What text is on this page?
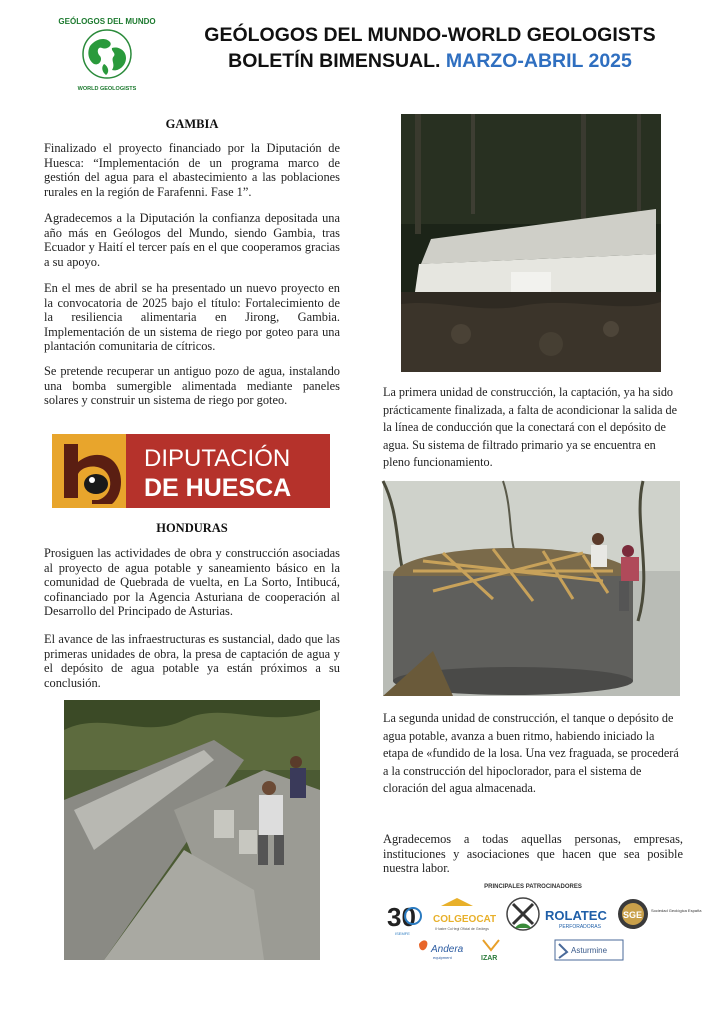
GEÓLOGOS DEL MUNDO
WORLD GEOLOGISTS
GEÓLOGOS DEL MUNDO-WORLD GEOLOGISTS
BOLETÍN BIMENSUAL. MARZO-ABRIL 2025
GAMBIA

Finalizado el proyecto financiado por la Diputación de Huesca: “Implementación de un programa marco de gestión del agua para el abastecimiento a las poblaciones rurales en la región de Farafenni. Fase 1”.

Agradecemos a la Diputación la confianza depositada una año más en Geólogos del Mundo, siendo Gambia, tras Ecuador y Haití el tercer país en el que cooperamos gracias a su apoyo.

En el mes de abril se ha presentado un nuevo proyecto en la convocatoria de 2025 bajo el título: Fortalecimiento de la resiliencia alimentaria en Jirong, Gambia. Implementación de un sistema de riego por goteo para una plantación comunitaria de cítricos.

Se pretende recuperar un antiguo pozo de agua, instalando una bomba sumergible alimentada mediante paneles solares y construir un sistema de riego por goteo.

DIPUTACIÓN
DE HUESCA
HONDURAS

Prosiguen las actividades de obra y construcción asociadas al proyecto de agua potable y saneamiento básico en la comunidad de Quebrada de vuelta, en La Sorto, Intibucá, cofinanciado por la Agencia Asturiana de cooperación al Desarrollo del Principado de Asturias.

El avance de las infraestructuras es sustancial, dado que las primeras unidades de obra, la presa de captación de agua y el depósito de agua potable ya están próximos a su conclusión.

La primera unidad de construcción, la captación, ya ha sido prácticamente finalizada, a falta de acondicionar la salida de la línea de conducción que la conectará con el depósito de agua. Su sistema de filtrado primario ya se encuentra en pleno funcionamiento.

La segunda unidad de construcción, el tanque o depósito de agua potable, avanza a buen ritmo, habiendo iniciado la etapa de «fundido de la losa. Una vez fraguada, se procederá a la construcción del hipoclorador, para el sistema de cloración del agua almacenada.

Agradecemos a todas aquellas personas, empresas, instituciones y asociaciones que hacen que sea posible nuestra labor.

PRINCIPALES PATROCINADORES
30
ISEMFE
COLGEOCAT
Il·lustre Col·legi Oficial de Geòlegs
ROLATEC
PERFORADORAS
SGE Sociedad Geológica España
Andera
equipment	IZAR
Asturmine
